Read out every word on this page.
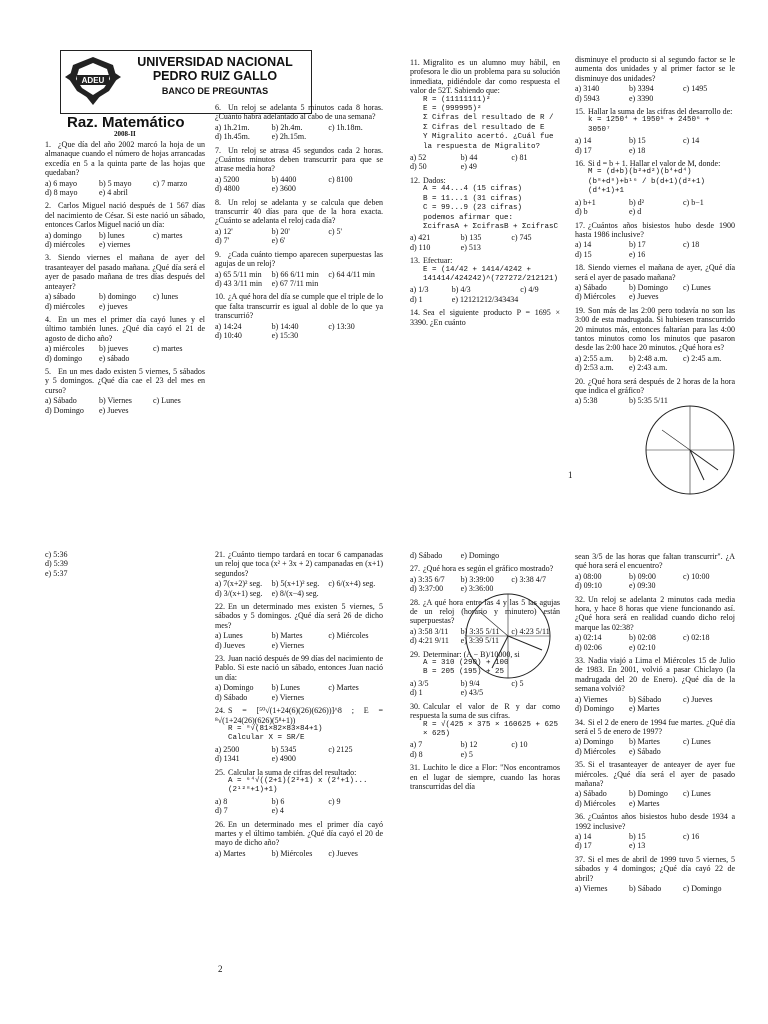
ADEU
UNIVERSIDAD NACIONAL
PEDRO RUIZ GALLO
BANCO DE PREGUNTAS
Raz. Matemático
2008-II
1. ¿Que día del año 2002 marcó la hoja de un almanaque cuando el número de hojas arrancadas excedía en 5 a la quinta parte de las hojas que quedaban?
a) 6 mayo	b) 5 mayo	c) 7 marzo
d) 8 mayo	e) 4 abril
2. Carlos Miguel nació después de 1 567 días del nacimiento de César. Si este nació un sábado, entonces Carlos Miguel nació un día:
a) domingo	b) lunes	c) martes
d) miércoles	e) viernes
3. Siendo viernes el mañana de ayer del trasanteayer del pasado mañana. ¿Qué día será el ayer de pasado mañana de tres días después del anteayer?
a) sábado	b) domingo	c) lunes
d) miércoles	e) jueves
4. En un mes el primer día cayó lunes y el último también lunes. ¿Qué día cayó el 21 de agosto de dicho año?
a) miércoles	b) jueves	c) martes
d) domingo	e) sábado
5. En un mes dado existen 5 viernes, 5 sábados y 5 domingos. ¿Qué día cae el 23 del mes en curso?
a) Sábado	b) Viernes	c) Lunes
d) Domingo	e) Jueves
6. Un reloj se adelanta 5 minutos cada 8 horas. ¿Cuánto habrá adelantado al cabo de una semana?
a) 1h.21m.	b) 2h.4m.	c) 1h.18m.
d) 1h.45m.	e) 2h.15m.
7. Un reloj se atrasa 45 segundos cada 2 horas. ¿Cuántos minutos deben transcurrir para que se atrase media hora?
a) 5200	b) 4400	c) 8100
d) 4800	e) 3600
8. Un reloj se adelanta y se calcula que deben transcurrir 40 días para que de la hora exacta. ¿Cuánto se adelanta el reloj cada día?
a) 12'	b) 20'	c) 5'
d) 7'	e) 6'
9. ¿Cada cuánto tiempo aparecen superpuestas las agujas de un reloj?
a) 65 5/11 min	b) 66 6/11 min	c) 64 4/11 min
d) 43 3/11 min	e) 67 7/11 min
10. ¿A qué hora del día se cumple que el triple de lo que falta transcurrir es igual al doble de lo que ya transcurrió?
a) 14:24	b) 14:40	c) 13:30
d) 10:40	e) 15:30
11. Migralito es un alumno muy hábil, en profesora le dio un problema para su solución inmediata, pidiéndole dar como respuesta el valor de 52T. Sabiendo que:
R = (11111111)²
E = (999995)²
Σ Cifras del resultado de R / Σ Cifras del resultado de E
Y Migralito acertó. ¿Cuál fue la respuesta de Migralito?
a) 52	b) 44	c) 81
d) 50	e) 49
12. Dados:
A = 44...4 (15 cifras)
B = 11...1 (31 cifras)
C = 99...9 (23 cifras)
podemos afirmar que:
ΣcifrasA + ΣcifrasB + ΣcifrasC
a) 421	b) 135	c) 745
d) 110	e) 513
13. Efectuar:
E = (14/42 + 1414/4242 + 141414/424242)^(727272/212121)
a) 1/3	b) 4/3	c) 4/9
d) 1	e) 12121212/343434
14. Sea el siguiente producto P = 1695 × 3390. ¿En cuánto
disminuye el producto si al segundo factor se le aumenta dos unidades y al primer factor se le disminuye dos unidades?
a) 3140	b) 3394	c) 1495
d) 5943	e) 3390
15. Hallar la suma de las cifras del desarrollo de:
k = 1250⁴ + 1950⁵ + 2450⁶ + 3050⁷
a) 14	b) 15	c) 14
d) 17	e) 18
16. Si d = b + 1. Hallar el valor de M, donde:
M = (d+b)(b²+d²)(b⁴+d⁴)(b⁸+d⁸)+b¹⁶ / b(d+1)(d²+1)(d⁴+1)+1
a) b+1	b) d²	c) b−1
d) b	e) d
17. ¿Cuántos años bisiestos hubo desde 1900 hasta 1986 inclusive?
a) 14	b) 17	c) 18
d) 15	e) 16
18. Siendo viernes el mañana de ayer, ¿Qué día será el ayer de pasado mañana?
a) Sábado	b) Domingo	c) Lunes
d) Miércoles	e) Jueves
19. Son más de las 2:00 pero todavía no son las 3:00 de esta madrugada. Si hubiesen transcurrido 20 minutos más, entonces faltarían para las 4:00 tantos minutos como los minutos que pasaron desde las 2:00 hace 20 minutos. ¿Qué hora es?
a) 2:55 a.m.	b) 2:48 a.m.	c) 2:45 a.m.
d) 2:53 a.m.	e) 2:43 a.m.
20. ¿Qué hora será después de 2 horas de la hora que indica el gráfico?
a) 5:38	b) 5:35 5/11
1
c) 5:36
d) 5:39
e) 5:37
21. ¿Cuánto tiempo tardará en tocar 6 campanadas un reloj que toca (x² + 3x + 2) campanadas en (x+1) segundos?
a) 7(x+2)² seg.	b) 5(x+1)² seg.	c) 6/(x+4) seg.
d) 3/(x+1) seg.	e) 8/(x−4) seg.
22. En un determinado mes existen 5 viernes, 5 sábados y 5 domingos. ¿Qué día será 26 de dicho mes?
a) Lunes	b) Martes	c) Miércoles
d) Jueves	e) Viernes
23. Juan nació después de 99 días del nacimiento de Pablo. Si este nació un sábado, entonces Juan nació un día:
a) Domingo	b) Lunes	c) Martes
d) Sábado	e) Viernes
24. S = [⁵⁰√(1+24(6)(26)(626))]^8 ; E = ⁸√(1+24(26)(626)(5⁸+1))
R = ⁸√(81×82×83×84+1)
Calcular X = SR/E
a) 2500	b) 5345	c) 2125
d) 1341	e) 4900
25. Calcular la suma de cifras del resultado:
A = ⁶⁴√((2+1)(2²+1) x (2⁴+1)...(2¹²⁸+1)+1)
a) 8	b) 6	c) 9
d) 7	e) 4
26. En un determinado mes el primer día cayó martes y el último también. ¿Qué día cayó el 20 de mayo de dicho año?
a) Martes	b) Miércoles	c) Jueves
d) Sábado	e) Domingo
27. ¿Qué hora es según el gráfico mostrado?
a) 3:35 6/7	b) 3:39:00	c) 3:38 4/7
d) 3:37:00	e) 3:36:00
28. ¿A qué hora entre las 4 y las 5 las agujas de un reloj (horario y minutero) están superpuestas?
a) 3:58 3/11	b) 3:35 5/11	c) 4:23 5/11
d) 4:21 9/11	e) 3:39 5/11
29. Determinar: (A − B)/10000, si
A = 310 (290) + 100
B = 205 (195) + 25
a) 3/5	b) 9/4	c) 5
d) 1	e) 43/5
30. Calcular el valor de R y dar como respuesta la suma de sus cifras.
R = √(425 × 375 × 160625 + 625 × 625)
a) 7	b) 12	c) 10
d) 8	e) 5
31. Luchito le dice a Flor: "Nos encontramos en el lugar de siempre, cuando las horas transcurridas del día
sean 3/5 de las horas que faltan transcurrir". ¿A qué hora será el encuentro?
a) 08:00	b) 09:00	c) 10:00
d) 09:10	e) 09:30
32. Un reloj se adelanta 2 minutos cada media hora, y hace 8 horas que viene funcionando así. ¿Qué hora será en realidad cuando dicho reloj marque las 02:38?
a) 02:14	b) 02:08	c) 02:18
d) 02:06	e) 02:10
33. Nadia viajó a Lima el Miércoles 15 de Julio de 1983. En 2001, volvió a pasar Chiclayo (la madrugada del 20 de Enero). ¿Qué día de la semana volvió?
a) Viernes	b) Sábado	c) Jueves
d) Domingo	e) Martes
34. Si el 2 de enero de 1994 fue martes. ¿Qué día será el 5 de enero de 1997?
a) Domingo	b) Martes	c) Lunes
d) Miércoles	e) Sábado
35. Si el trasanteayer de anteayer de ayer fue miércoles. ¿Qué día será el ayer de pasado mañana?
a) Sábado	b) Domingo	c) Lunes
d) Miércoles	e) Martes
36. ¿Cuántos años bisiestos hubo desde 1934 a 1992 inclusive?
a) 14	b) 15	c) 16
d) 17	e) 13
37. Si el mes de abril de 1999 tuvo 5 viernes, 5 sábados y 4 domingos; ¿Qué día cayó 22 de abril?
a) Viernes	b) Sábado	c) Domingo
2
